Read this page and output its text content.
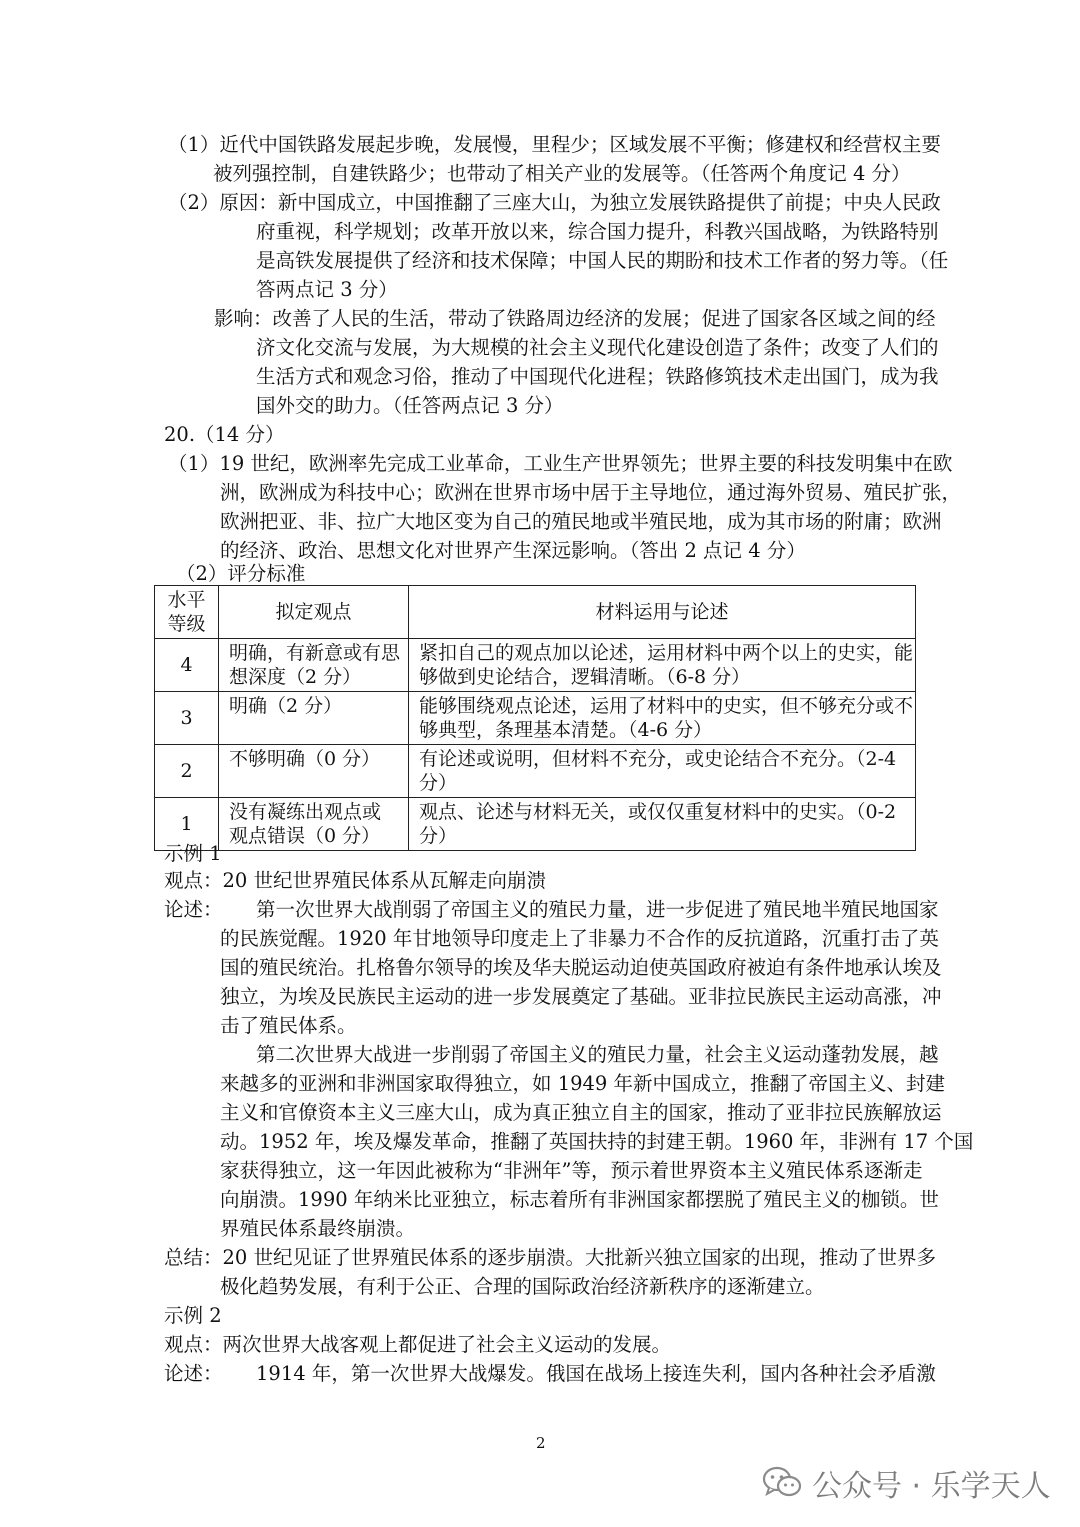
（1）近代中国铁路发展起步晚，发展慢，里程少；区域发展不平衡；修建权和经营权主要
被列强控制，自建铁路少；也带动了相关产业的发展等。（任答两个角度记 4 分）
（2）原因：新中国成立，中国推翻了三座大山，为独立发展铁路提供了前提；中央人民政
府重视，科学规划；改革开放以来，综合国力提升，科教兴国战略，为铁路特别
是高铁发展提供了经济和技术保障；中国人民的期盼和技术工作者的努力等。（任
答两点记 3 分）
影响：改善了人民的生活，带动了铁路周边经济的发展；促进了国家各区域之间的经
济文化交流与发展，为大规模的社会主义现代化建设创造了条件；改变了人们的
生活方式和观念习俗，推动了中国现代化进程；铁路修筑技术走出国门，成为我
国外交的助力。（任答两点记 3 分）
20.（14 分）
（1）19 世纪，欧洲率先完成工业革命，工业生产世界领先；世界主要的科技发明集中在欧
洲，欧洲成为科技中心；欧洲在世界市场中居于主导地位，通过海外贸易、殖民扩张，
欧洲把亚、非、拉广大地区变为自己的殖民地或半殖民地，成为其市场的附庸；欧洲
的经济、政治、思想文化对世界产生深远影响。（答出 2 点记 4 分）
（2）评分标准
水平
等级	拟定观点	材料运用与论述
4	明确，有新意或有思
想深度（2 分）	紧扣自己的观点加以论述，运用材料中两个以上的史实，能
够做到史论结合，逻辑清晰。（6-8 分）

3	明确（2 分）	能够围绕观点论述，运用了材料中的史实，但不够充分或不
够典型，条理基本清楚。（4-6 分）

2	不够明确（0 分）	有论述或说明，但材料不充分，或史论结合不充分。（2-4
分）

1	没有凝练出观点或
观点错误（0 分）	观点、论述与材料无关，或仅仅重复材料中的史实。（0-2
分）
示例 1
观点：20 世纪世界殖民体系从瓦解走向崩溃
论述： 第一次世界大战削弱了帝国主义的殖民力量，进一步促进了殖民地半殖民地国家
的民族觉醒。1920 年甘地领导印度走上了非暴力不合作的反抗道路，沉重打击了英
国的殖民统治。扎格鲁尔领导的埃及华夫脱运动迫使英国政府被迫有条件地承认埃及
独立，为埃及民族民主运动的进一步发展奠定了基础。亚非拉民族民主运动高涨，冲
击了殖民体系。
第二次世界大战进一步削弱了帝国主义的殖民力量，社会主义运动蓬勃发展，越
来越多的亚洲和非洲国家取得独立，如 1949 年新中国成立，推翻了帝国主义、封建
主义和官僚资本主义三座大山，成为真正独立自主的国家，推动了亚非拉民族解放运
动。1952 年，埃及爆发革命，推翻了英国扶持的封建王朝。1960 年，非洲有 17 个国
家获得独立，这一年因此被称为“非洲年”等，预示着世界资本主义殖民体系逐渐走
向崩溃。1990 年纳米比亚独立，标志着所有非洲国家都摆脱了殖民主义的枷锁。世
界殖民体系最终崩溃。
总结：20 世纪见证了世界殖民体系的逐步崩溃。大批新兴独立国家的出现，推动了世界多
极化趋势发展，有利于公正、合理的国际政治经济新秩序的逐渐建立。
示例 2
观点：两次世界大战客观上都促进了社会主义运动的发展。
论述： 1914 年，第一次世界大战爆发。俄国在战场上接连失利，国内各种社会矛盾激
2
公众号 · 乐学天人
